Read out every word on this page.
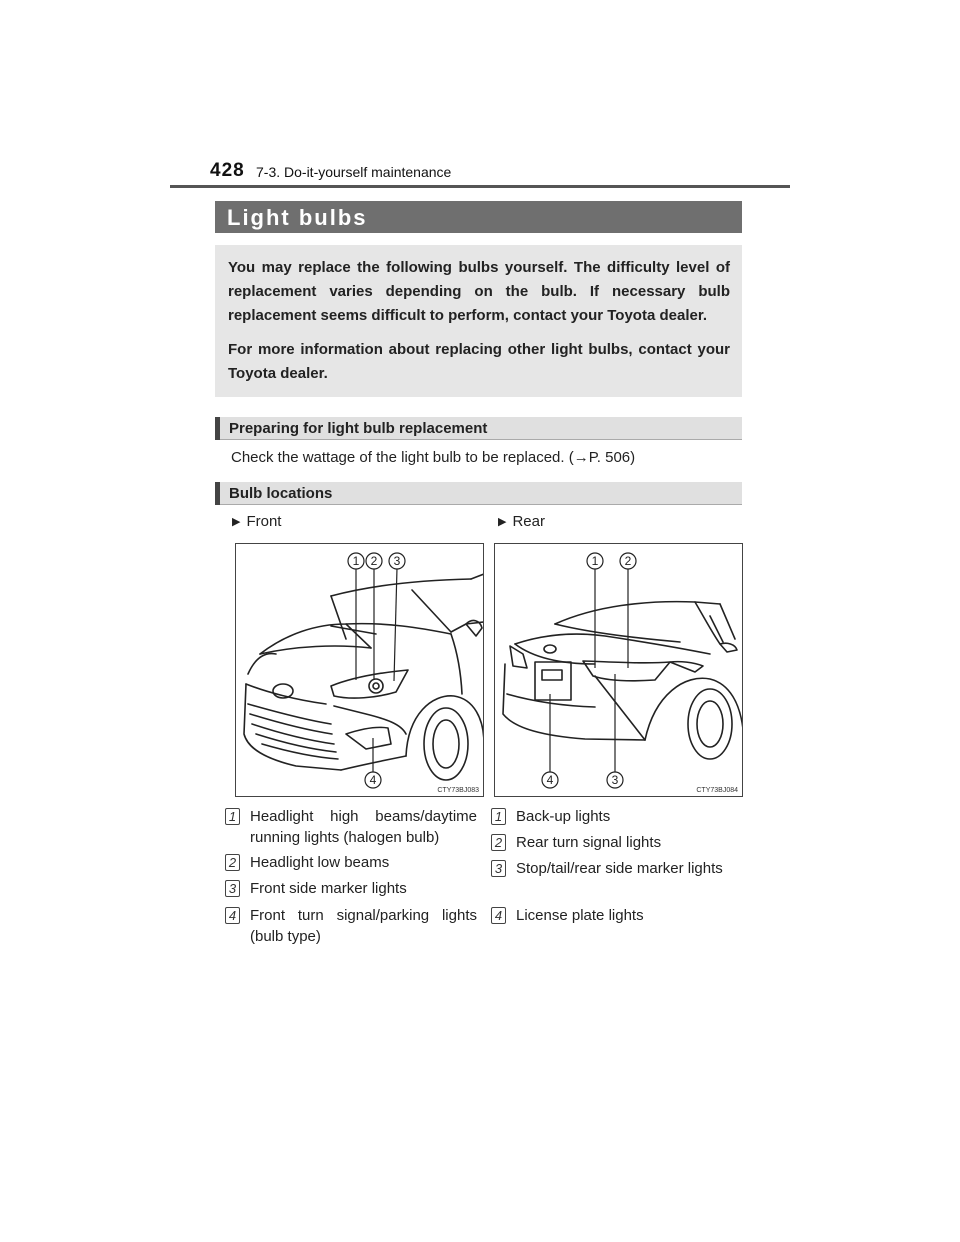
428 7-3. Do-it-yourself maintenance
Light bulbs

You may replace the following bulbs yourself. The difficulty level of replacement varies depending on the bulb. If necessary bulb replacement seems difficult to perform, contact your Toyota dealer.

For more information about replacing other light bulbs, contact your Toyota dealer.

Preparing for light bulb replacement
Check the wattage of the light bulb to be replaced. (→P. 506)
Bulb locations
▶ Front	▶ Rear
1 2 3
4
CTY73BJ083
1 2
3
4
CTY73BJ084
1 Headlight high beams/daytime running lights (halogen bulb)
2 Headlight low beams
3 Front side marker lights
4 Front turn signal/parking lights (bulb type)
1 Back-up lights
2 Rear turn signal lights
3 Stop/tail/rear side marker lights
4 License plate lights
